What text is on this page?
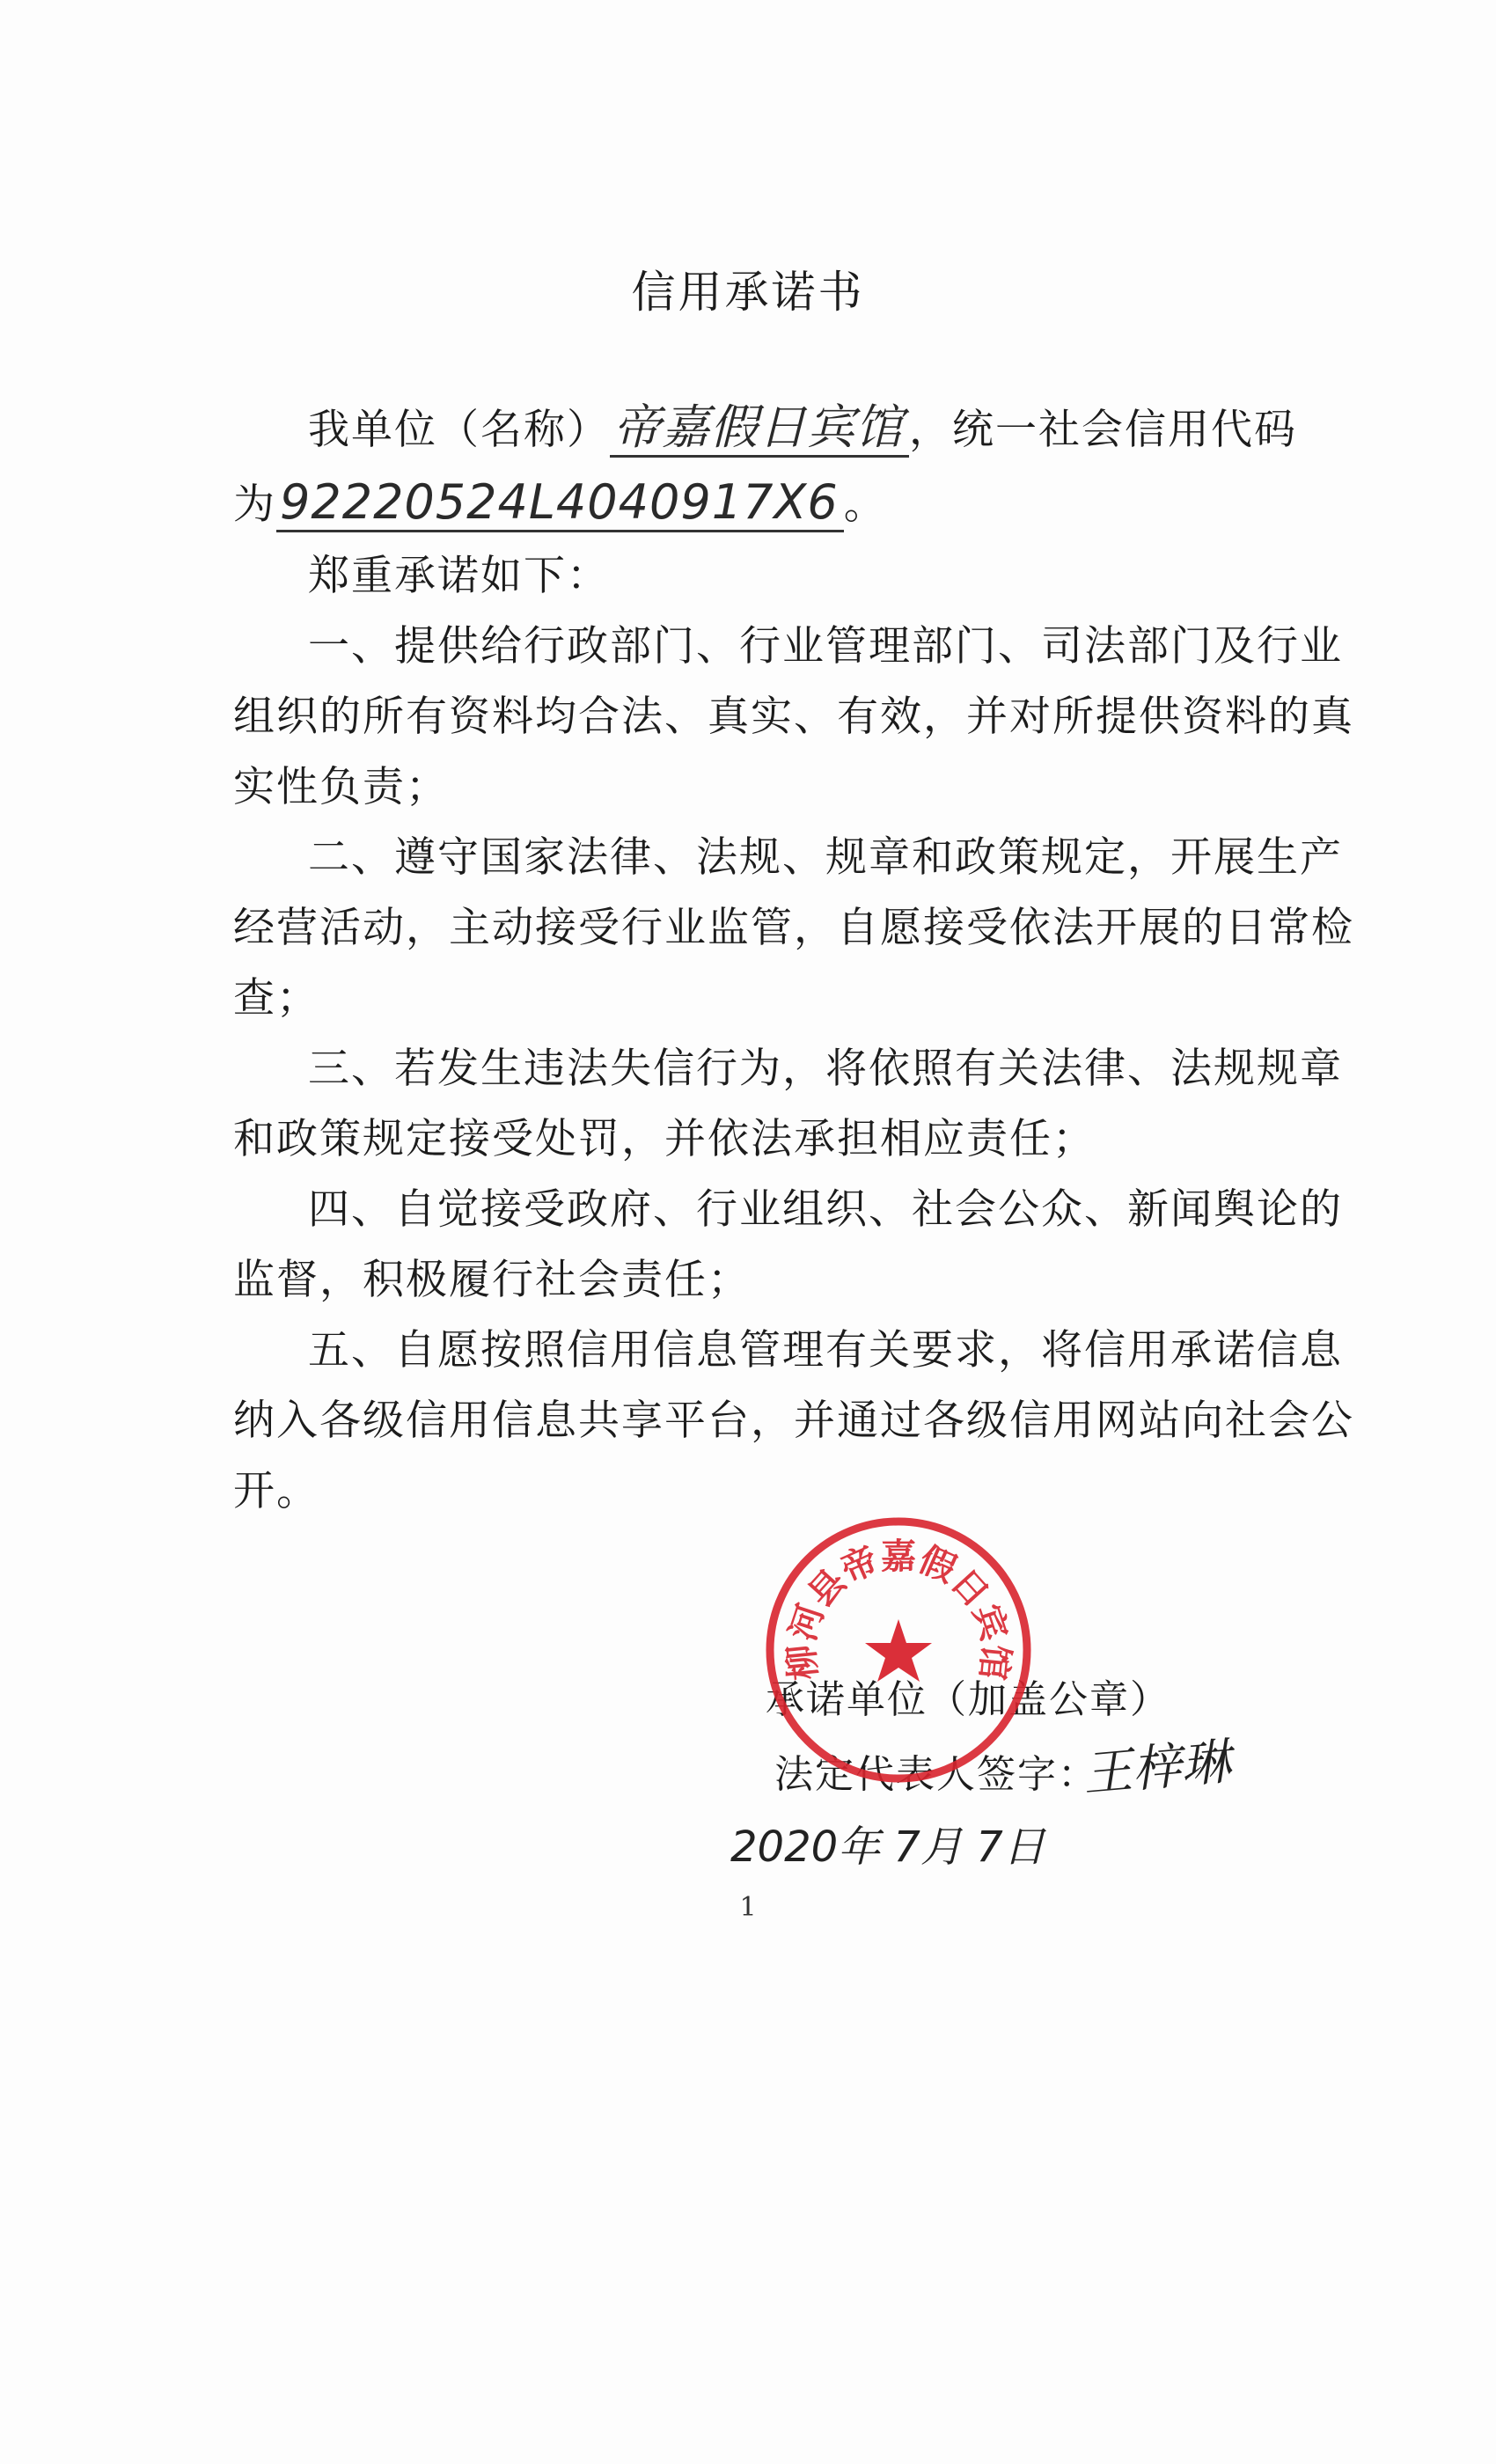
信用承诺书
我单位（名称）帝嘉假日宾馆 ，统一社会信用代码
为92220524L4040917X6 。
郑重承诺如下：
一、提供给行政部门、行业管理部门、司法部门及行业
组织的所有资料均合法、真实、有效，并对所提供资料的真
实性负责；
二、遵守国家法律、法规、规章和政策规定，开展生产
经营活动，主动接受行业监管，自愿接受依法开展的日常检
查；
三、若发生违法失信行为，将依照有关法律、法规规章
和政策规定接受处罚，并依法承担相应责任；
四、自觉接受政府、行业组织、社会公众、新闻舆论的
监督，积极履行社会责任；
五、自愿按照信用信息管理有关要求，将信用承诺信息
纳入各级信用信息共享平台，并通过各级信用网站向社会公
开。
承诺单位（加盖公章）
法定代表人签字：
王梓琳
2020年 7月 7日
柳河县帝嘉假日宾馆
1
